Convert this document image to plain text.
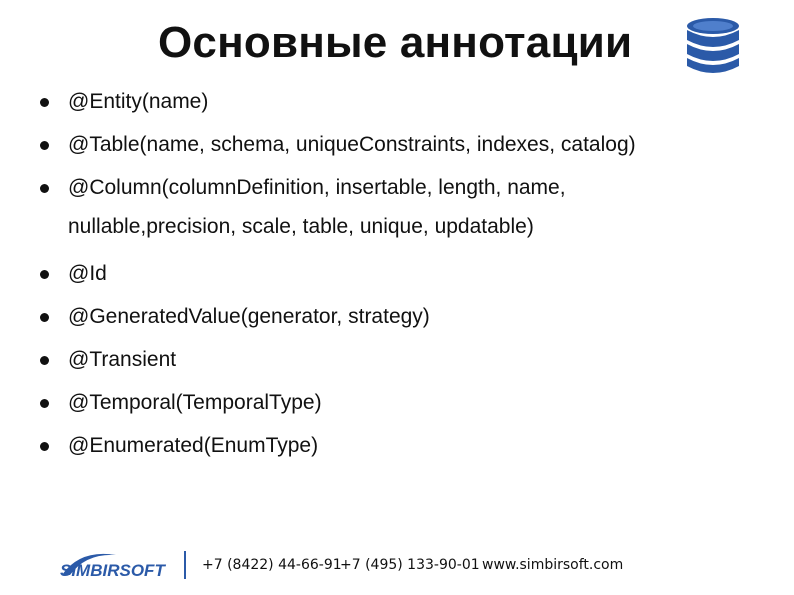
Основные аннотации
@Entity(name)
@Table(name, schema, uniqueConstraints, indexes, catalog)
@Column(columnDefinition, insertable, length, name,
nullable,precision, scale, table, unique, updatable)
@Id
@GeneratedValue(generator, strategy)
@Transient
@Temporal(TemporalType)
@Enumerated(EnumType)
SIMBIRSOFT	+7 (8422) 44-66-91
+7 (495) 133-90-01 www.simbirsoft.com
